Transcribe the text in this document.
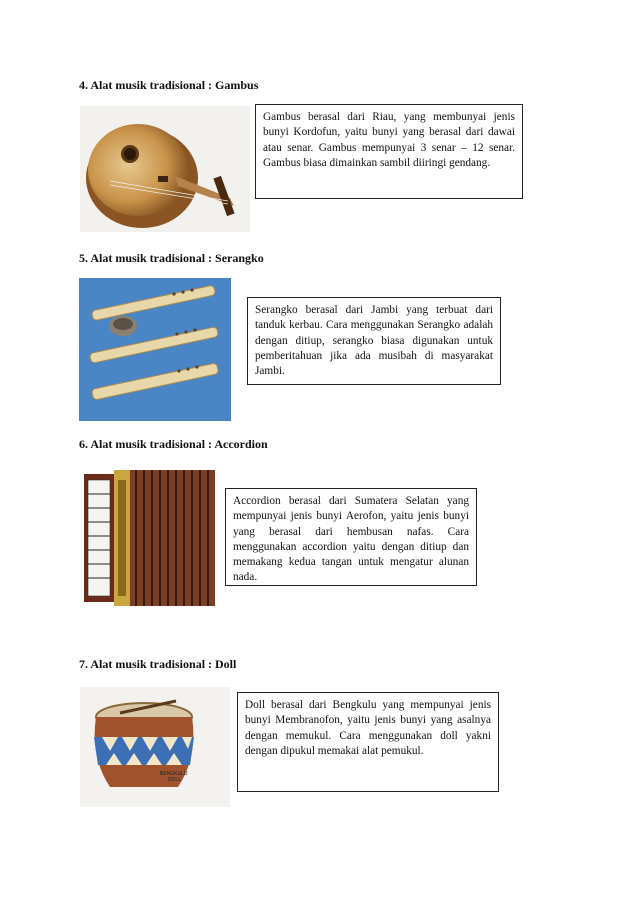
4. Alat musik tradisional : Gambus
Gambus berasal dari Riau, yang membunyai jenis bunyi Kordofun, yaitu bunyi yang berasal dari dawai atau senar. Gambus mempunyai 3 senar – 12 senar. Gambus biasa dimainkan sambil diiringi gendang.
5. Alat musik tradisional : Serangko
Serangko berasal dari Jambi yang terbuat dari tanduk kerbau. Cara menggunakan Serangko adalah dengan ditiup, serangko biasa digunakan untuk pemberitahuan jika ada musibah di masyarakat Jambi.
6. Alat musik tradisional : Accordion
Accordion berasal dari Sumatera Selatan yang mempunyai jenis bunyi Aerofon, yaitu jenis bunyi yang berasal dari hembusan nafas. Cara menggunakan accordion yaitu dengan ditiup dan memakang kedua tangan untuk mengatur alunan nada.
7. Alat musik tradisional : Doll
BENGKULU
DOLL
Doll berasal dari Bengkulu yang mempunyai jenis bunyi Membranofon, yaitu jenis bunyi yang asalnya dengan memukul. Cara menggunakan doll yakni dengan dipukul memakai alat pemukul.
